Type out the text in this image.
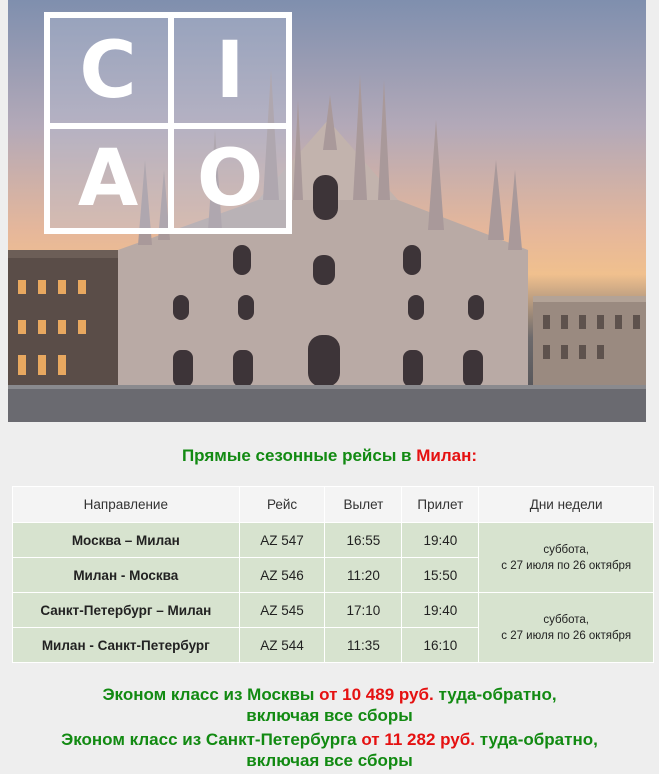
C	I
A O
Прямые сезонные рейсы в Милан:
Направление	Рейс	Вылет	Прилет	Дни недели
Москва – Милан	AZ 547	16:55	19:40	суббота,
с 27 июля по 26 октября
Милан - Москва	AZ 546	11:20	15:50	
Санкт-Петербург – Милан	AZ 545	17:10	19:40	суббота,
с 27 июля по 26 октября
Милан - Санкт-Петербург	AZ 544	11:35	16:10	
Эконом класс из Москвы от 10 489 руб. туда-обратно,
включая все сборы
Эконом класс из Санкт-Петербурга от 11 282 руб. туда-обратно,
включая все сборы
